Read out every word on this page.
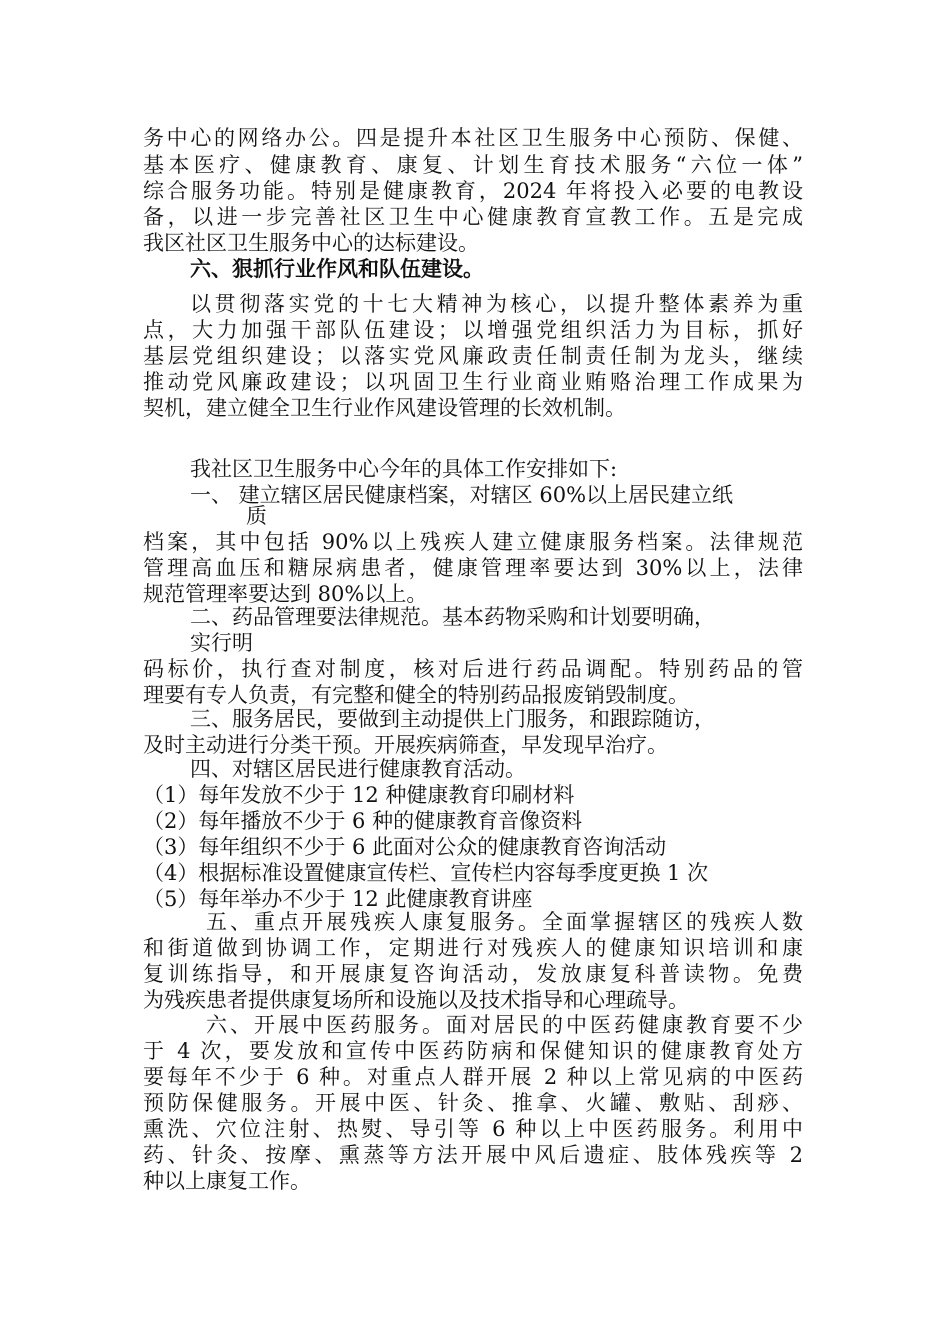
务中心的网络办公。四是提升本社区卫生服务中心预防、保健、
基本医疗、健康教育、康复、计划生育技术服务“六位一体”
综合服务功能。特别是健康教育，2024 年将投入必要的电教设
备，以进一步完善社区卫生中心健康教育宣教工作。五是完成
我区社区卫生服务中心的达标建设。
六、狠抓行业作风和队伍建设。
以贯彻落实党的十七大精神为核心，以提升整体素养为重
点，大力加强干部队伍建设；以增强党组织活力为目标，抓好
基层党组织建设；以落实党风廉政责任制责任制为龙头，继续
推动党风廉政建设；以巩固卫生行业商业贿赂治理工作成果为
契机，建立健全卫生行业作风建设管理的长效机制。
我社区卫生服务中心今年的具体工作安排如下:
一、 建立辖区居民健康档案，对辖区 60%以上居民建立纸
质
档案，其中包括 90%以上残疾人建立健康服务档案。法律规范
管理高血压和糖尿病患者，健康管理率要达到 30%以上，法律
规范管理率要达到 80%以上。
二、药品管理要法律规范。基本药物采购和计划要明确，
实行明
码标价，执行查对制度，核对后进行药品调配。特别药品的管
理要有专人负责，有完整和健全的特别药品报废销毁制度。
三、服务居民，要做到主动提供上门服务，和跟踪随访，
及时主动进行分类干预。开展疾病筛查，早发现早治疗。
四、对辖区居民进行健康教育活动。
（1）每年发放不少于 12 种健康教育印刷材料
（2）每年播放不少于 6 种的健康教育音像资料
（3）每年组织不少于 6 此面对公众的健康教育咨询活动
（4）根据标准设置健康宣传栏、宣传栏内容每季度更换 1 次
（5）每年举办不少于 12 此健康教育讲座
五、重点开展残疾人康复服务。全面掌握辖区的残疾人数
和街道做到协调工作，定期进行对残疾人的健康知识培训和康
复训练指导，和开展康复咨询活动，发放康复科普读物。免费
为残疾患者提供康复场所和设施以及技术指导和心理疏导。
六、开展中医药服务。面对居民的中医药健康教育要不少
于 4 次，要发放和宣传中医药防病和保健知识的健康教育处方
要每年不少于 6 种。对重点人群开展 2 种以上常见病的中医药
预防保健服务。开展中医、针灸、推拿、火罐、敷贴、刮痧、
熏洗、穴位注射、热熨、导引等 6 种以上中医药服务。利用中
药、针灸、按摩、熏蒸等方法开展中风后遗症、肢体残疾等 2
种以上康复工作。
